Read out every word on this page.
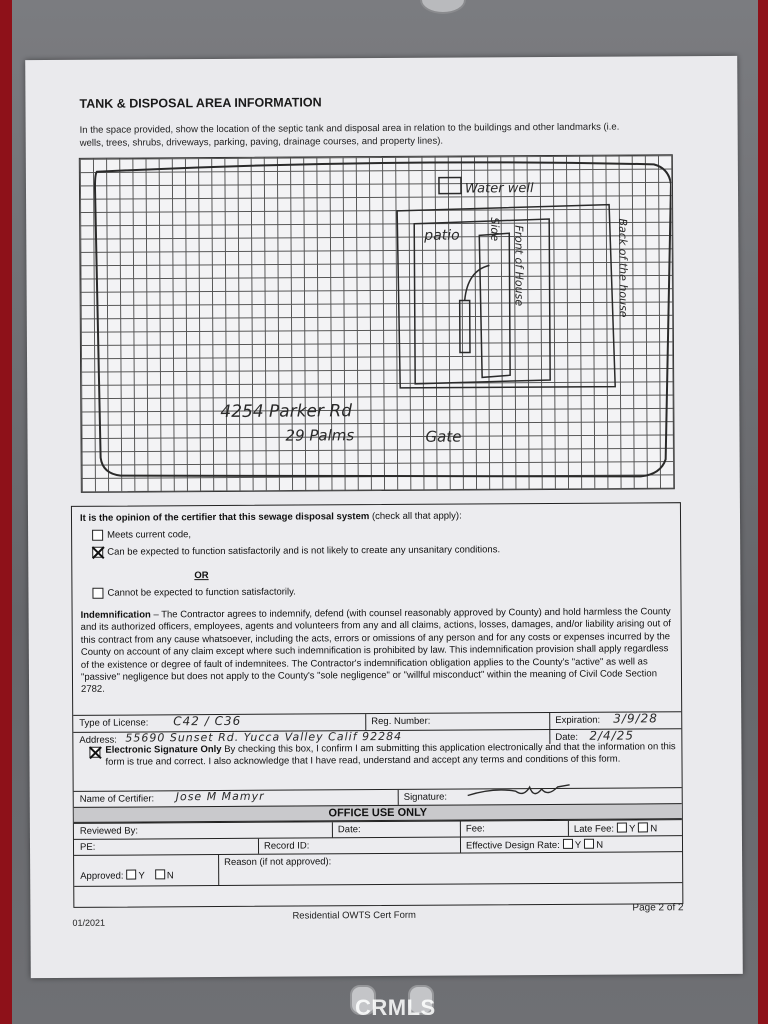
TANK & DISPOSAL AREA INFORMATION
In the space provided, show the location of the septic tank and disposal area in relation to the buildings and other landmarks (i.e. wells, trees, shrubs, driveways, parking, paving, drainage courses, and property lines).
Water well
patio	Back of the house
Front of House
Side
4254 Parker Rd
29 Palms	Gate
It is the opinion of the certifier that this sewage disposal system (check all that apply):
Meets current code,
Can be expected to function satisfactorily and is not likely to create any unsanitary conditions.
OR
Cannot be expected to function satisfactorily.
Indemnification – The Contractor agrees to indemnify, defend (with counsel reasonably approved by County) and hold harmless the County and its authorized officers, employees, agents and volunteers from any and all claims, actions, losses, damages, and/or liability arising out of this contract from any cause whatsoever, including the acts, errors or omissions of any person and for any costs or expenses incurred by the County on account of any claim except where such indemnification is prohibited by law. This indemnification provision shall apply regardless of the existence or degree of fault of indemnitees. The Contractor's indemnification obligation applies to the County's "active" as well as "passive" negligence but does not apply to the County's "sole negligence" or "willful misconduct" within the meaning of Civil Code Section 2782.
Type of License: C42 / C36	Reg. Number:	Expiration: 3/9/28
Address: 55690 Sunset Rd. Yucca Valley Calif 92284	Date: 2/4/25
Electronic Signature Only By checking this box, I confirm I am submitting this application electronically and that the information on this form is true and correct. I also acknowledge that I have read, understand and accept any terms and conditions of this form.
Name of Certifier: Jose M Mamyr	Signature:
OFFICE USE ONLY
Reviewed By:	Date:	Fee:	Late Fee: Y N
PE:	Record ID:	Effective Design Rate: Y N
Approved: Y N
Reason (if not approved):
01/2021
Residential OWTS Cert Form
Page 2 of 2
CRMLS
